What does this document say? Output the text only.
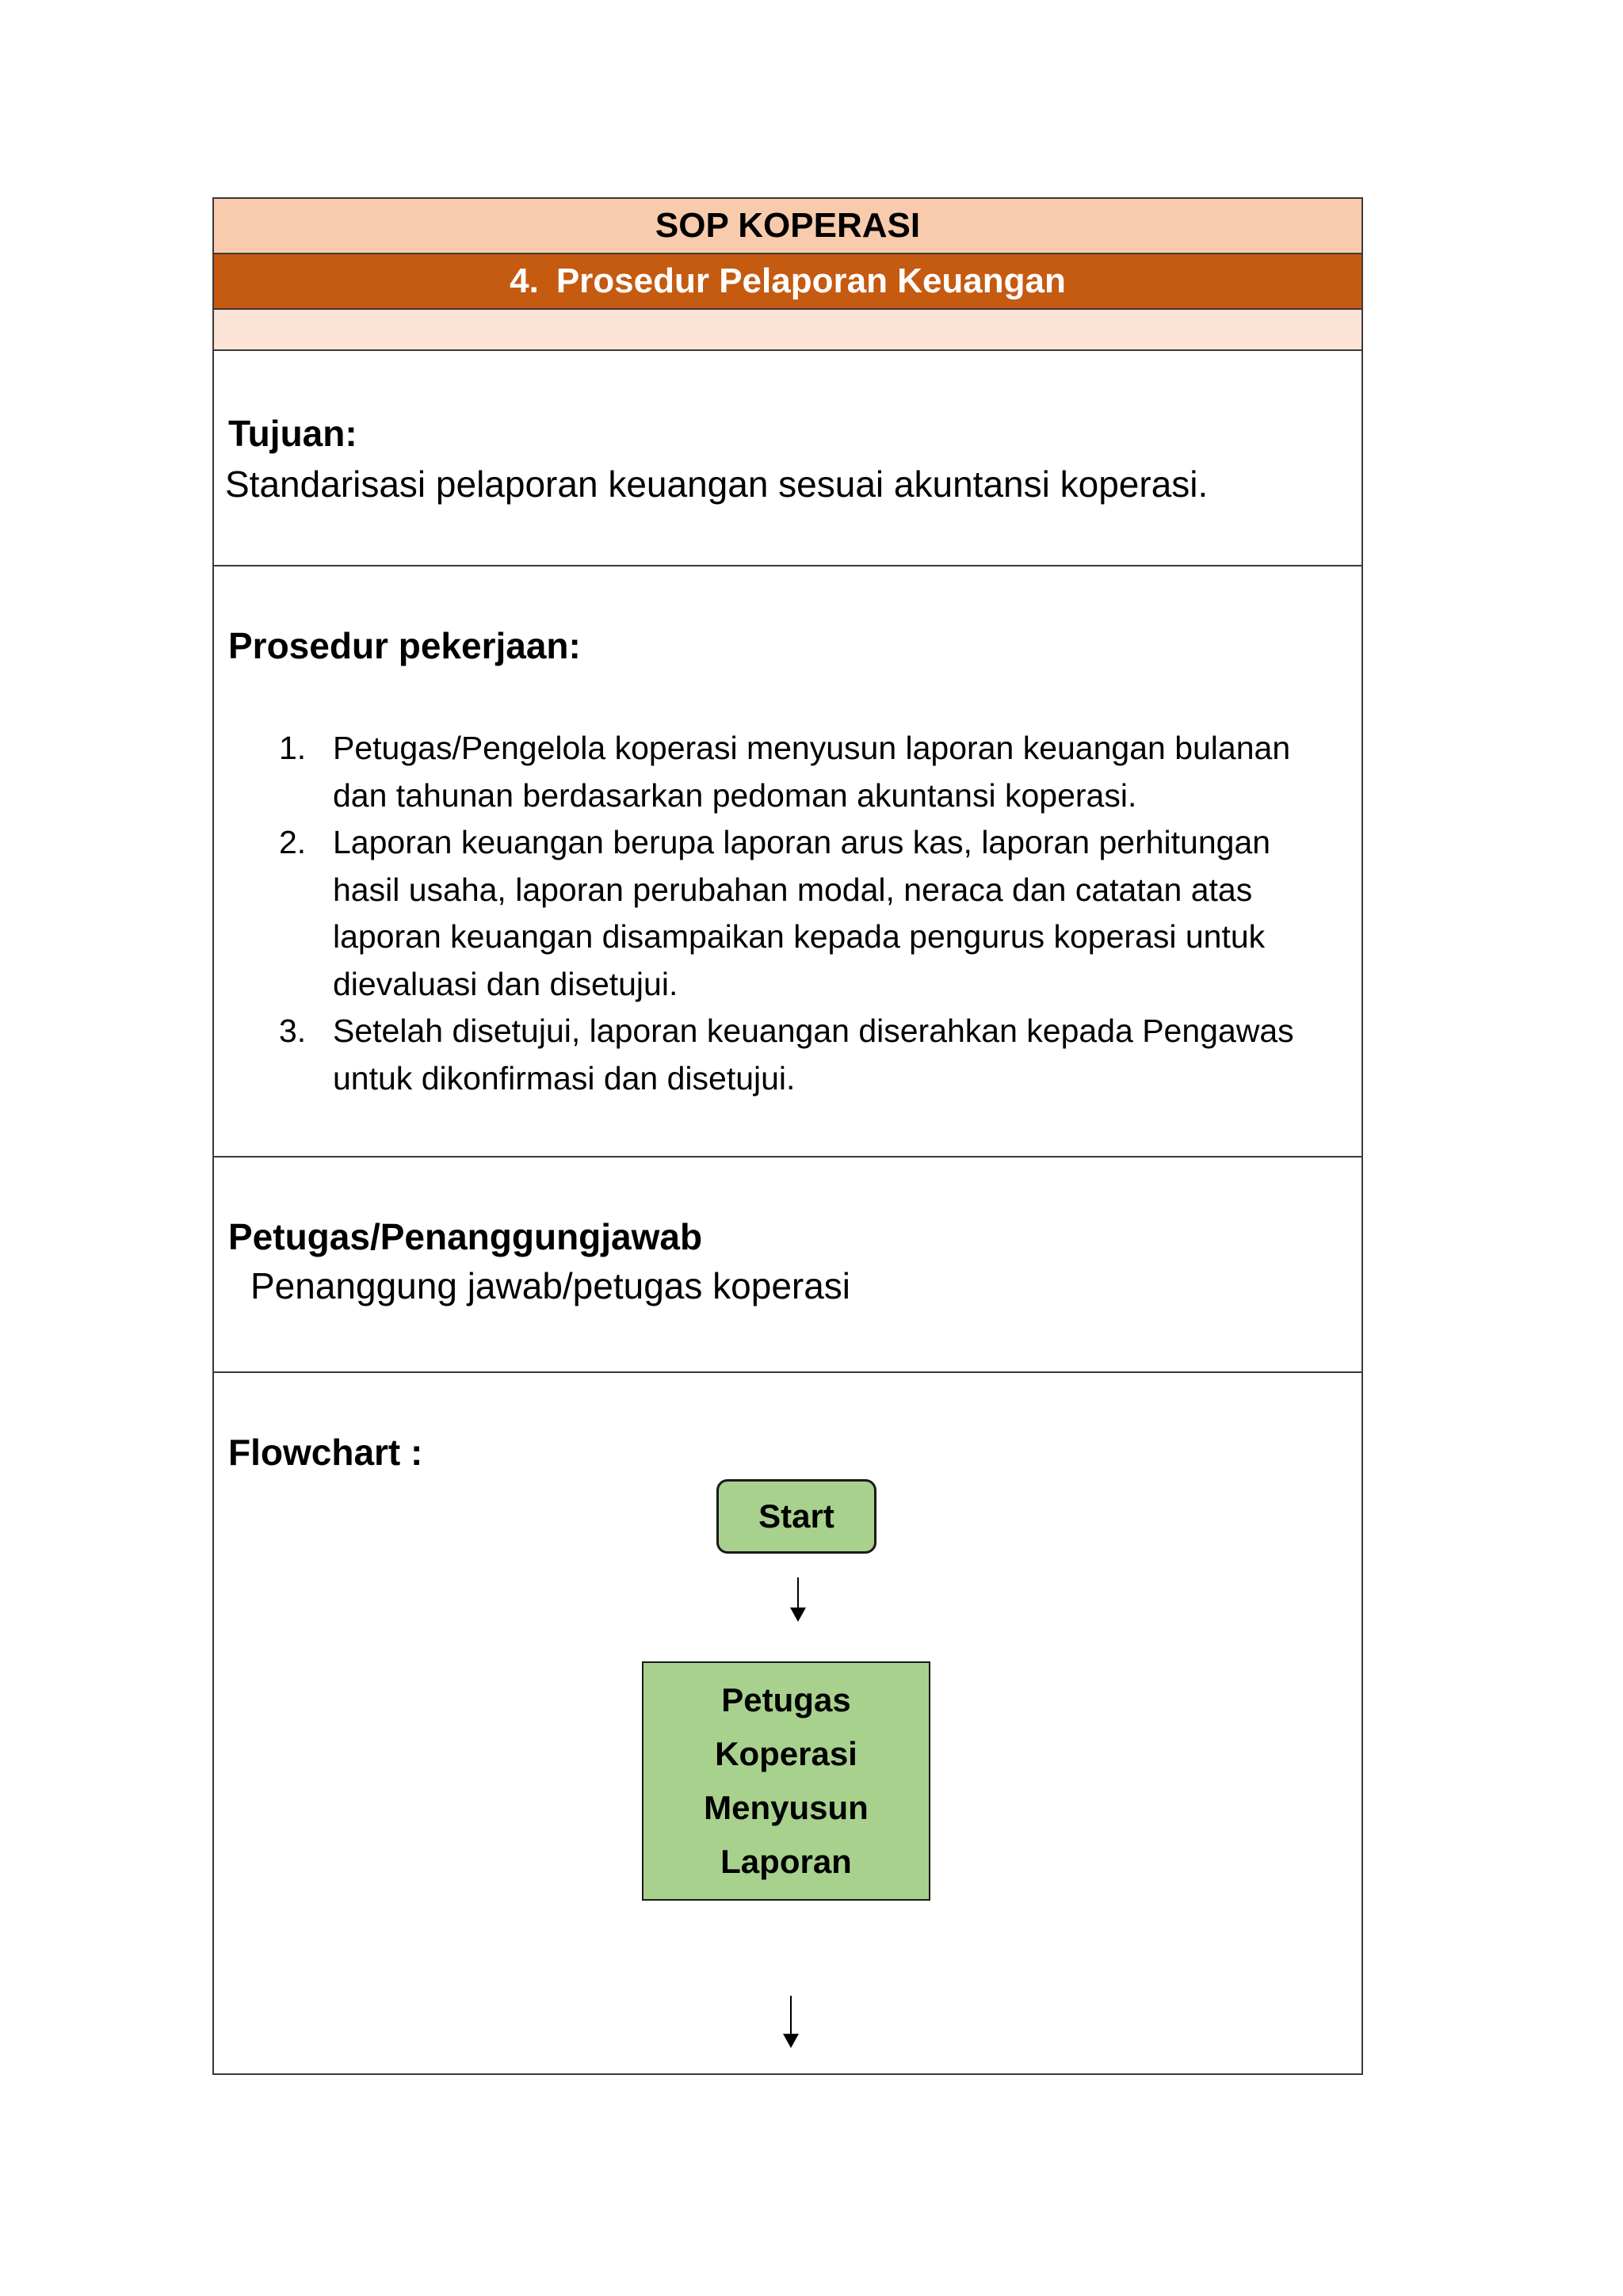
SOP KOPERASI
4. Prosedur Pelaporan Keuangan
Tujuan:
Standarisasi pelaporan keuangan sesuai akuntansi koperasi.
Prosedur pekerjaan:
1. Petugas/Pengelola koperasi menyusun laporan keuangan bulanan dan tahunan berdasarkan pedoman akuntansi koperasi.
2. Laporan keuangan berupa laporan arus kas, laporan perhitungan hasil usaha, laporan perubahan modal, neraca dan catatan atas laporan keuangan disampaikan kepada pengurus koperasi untuk dievaluasi dan disetujui.
3. Setelah disetujui, laporan keuangan diserahkan kepada Pengawas untuk dikonfirmasi dan disetujui.
Petugas/Penanggungjawab
Penanggung jawab/petugas koperasi
Flowchart :
Start
Petugas
Koperasi
Menyusun
Laporan
